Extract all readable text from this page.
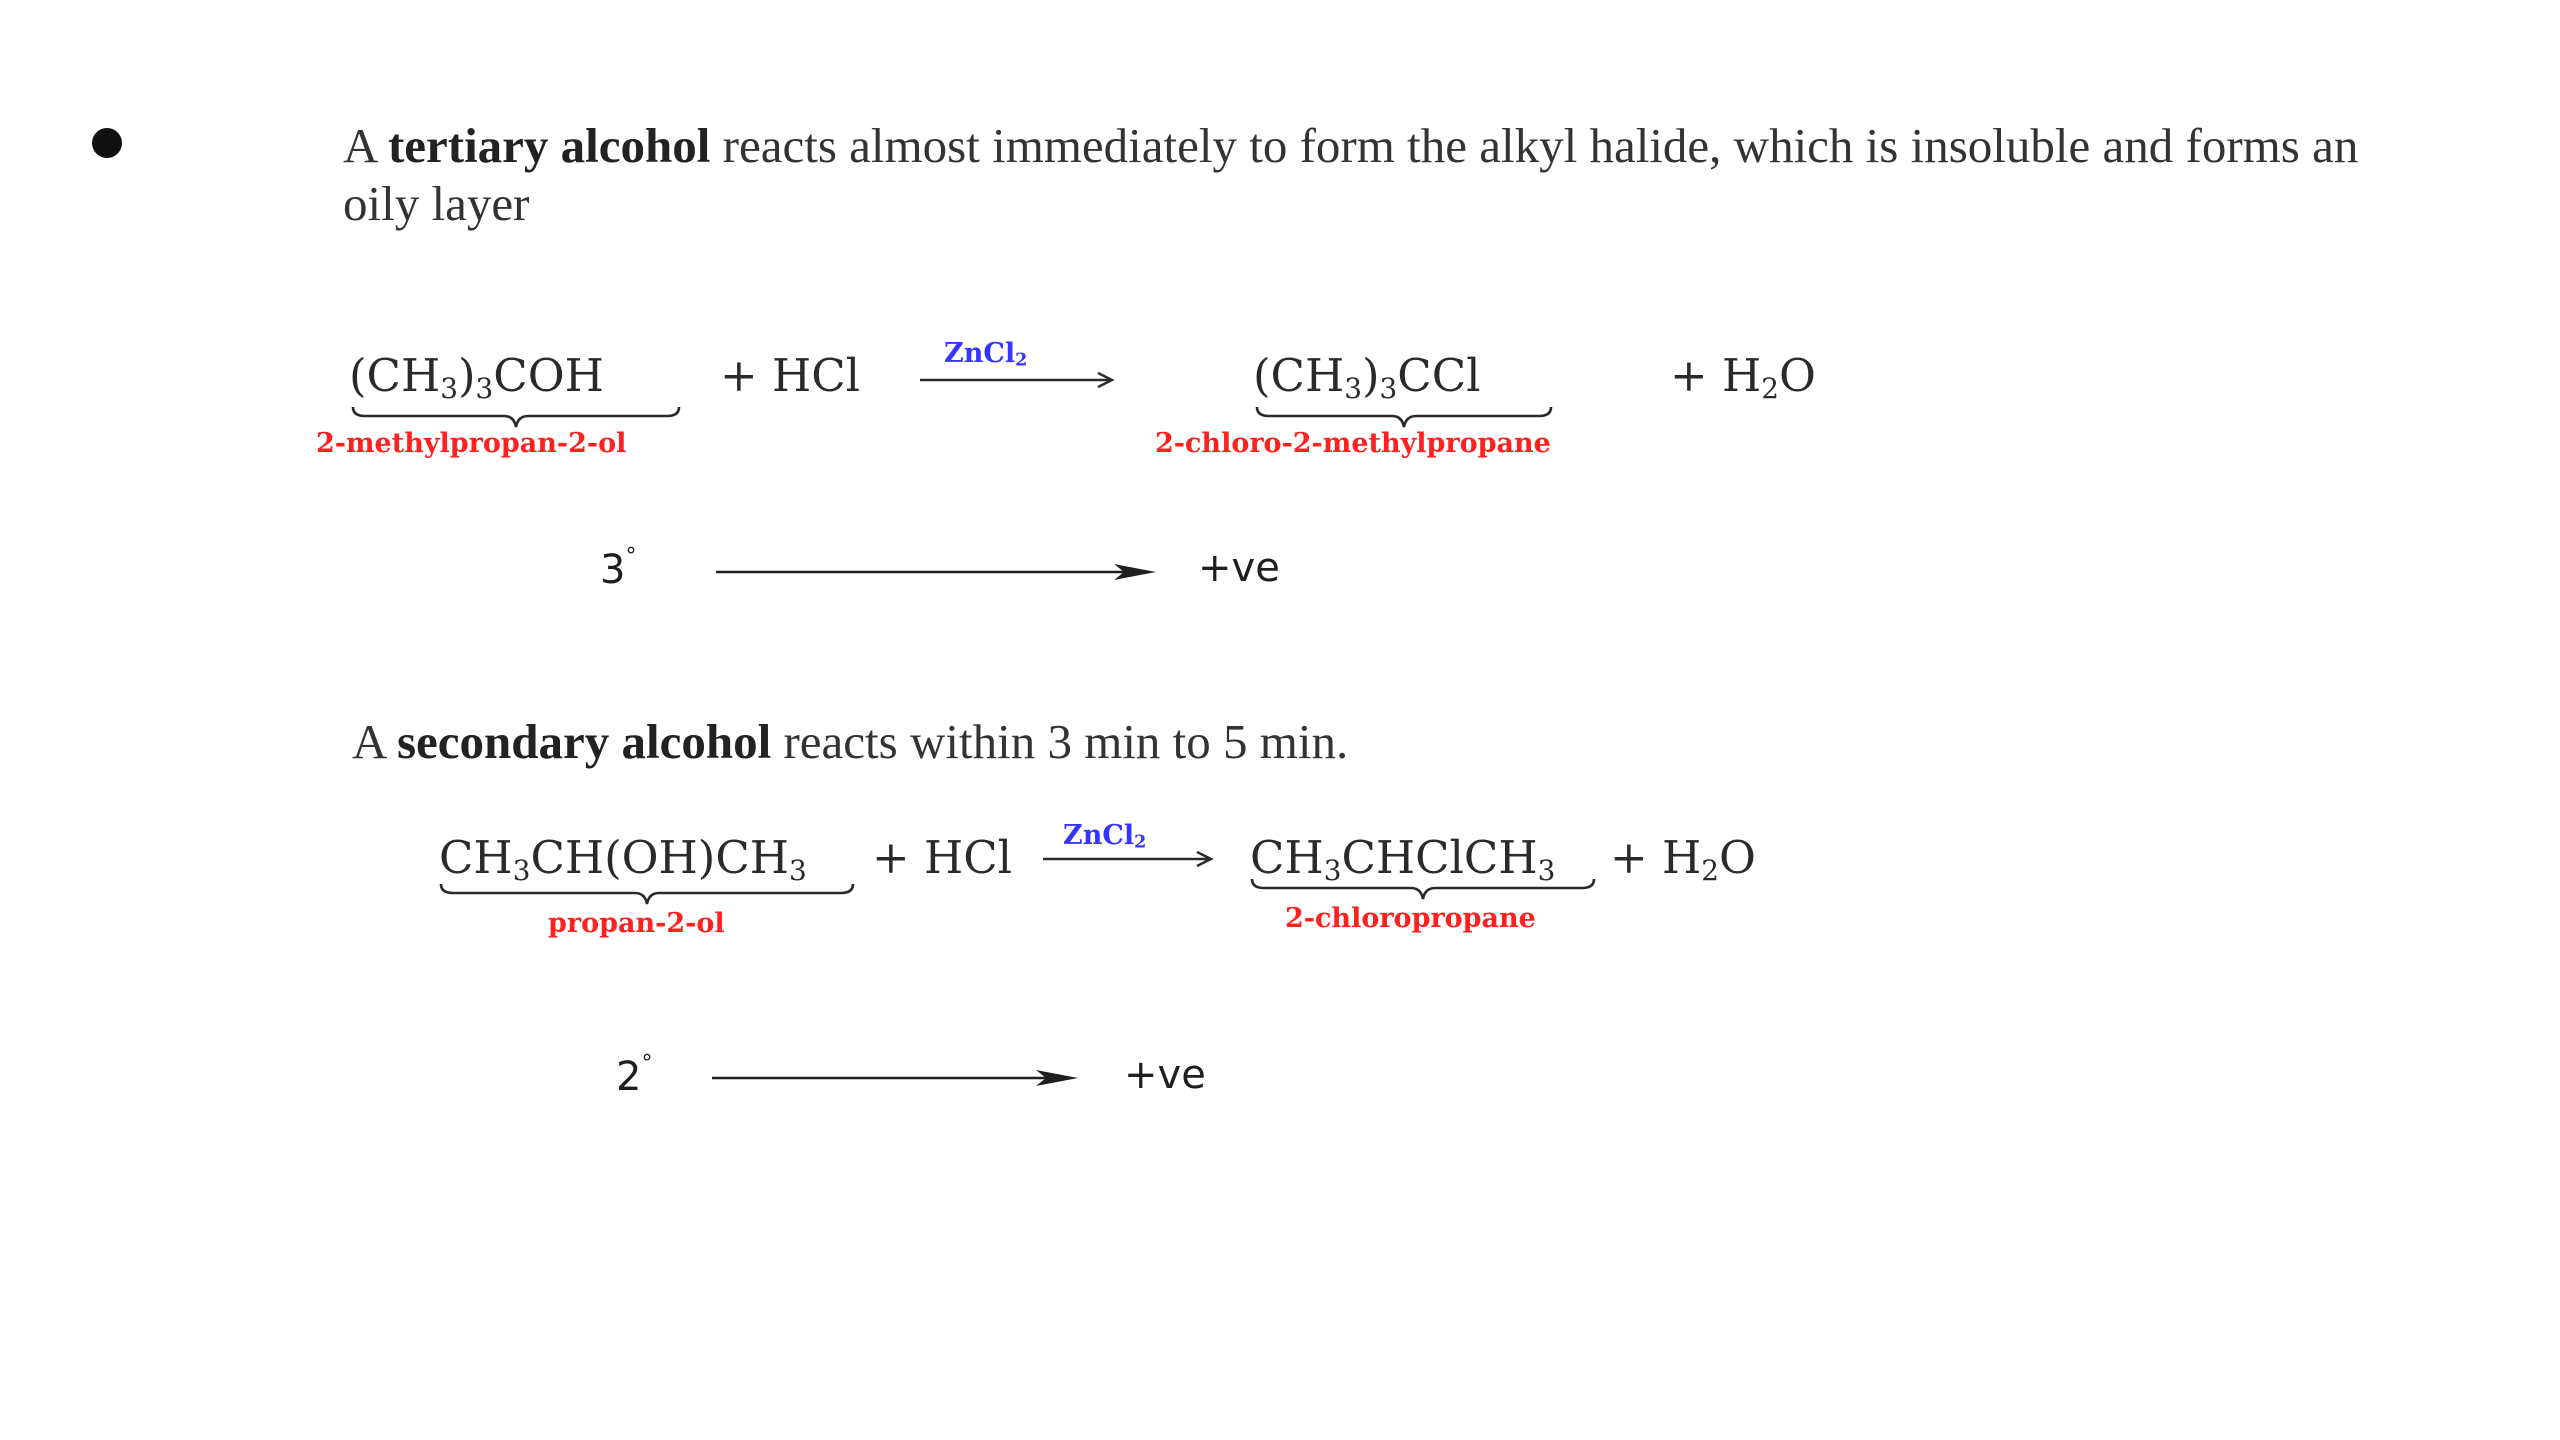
A tertiary alcohol reacts almost immediately to form the alkyl halide, which is insoluble and forms an
oily layer
$(CH_3)_3COH$
2-methylpropan-2-ol
+ HCl	ZnCl$_2$	$(CH_3)_3CCl$
2-chloro-2-methylpropane
+ $H_2O$
3°	+ve
A secondary alcohol reacts within 3 min to 5 min.
$CH_3CH(OH)CH_3$
propan-2-ol
+ HCl ZnCl$_2$ $CH_3CHClCH_3$
2-chloropropane
+ $H_2O$
2°	+ve
